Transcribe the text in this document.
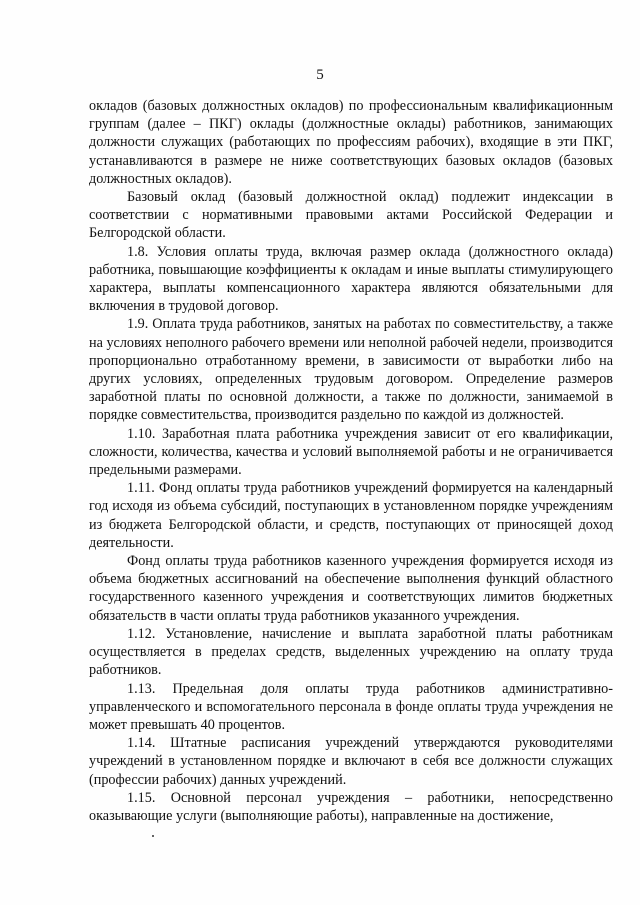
5

окладов (базовых должностных окладов) по профессиональным квалификационным группам (далее – ПКГ) оклады (должностные оклады) работников, занимающих должности служащих (работающих по профессиям рабочих), входящие в эти ПКГ, устанавливаются в размере не ниже соответствующих базовых окладов (базовых должностных окладов).

Базовый оклад (базовый должностной оклад) подлежит индексации в соответствии с нормативными правовыми актами Российской Федерации и Белгородской области.

1.8. Условия оплаты труда, включая размер оклада (должностного оклада) работника, повышающие коэффициенты к окладам и иные выплаты стимулирующего характера, выплаты компенсационного характера являются обязательными для включения в трудовой договор.

1.9. Оплата труда работников, занятых на работах по совместительству, а также на условиях неполного рабочего времени или неполной рабочей недели, производится пропорционально отработанному времени, в зависимости от выработки либо на других условиях, определенных трудовым договором. Определение размеров заработной платы по основной должности, а также по должности, занимаемой в порядке совместительства, производится раздельно по каждой из должностей.

1.10. Заработная плата работника учреждения зависит от его квалификации, сложности, количества, качества и условий выполняемой работы и не ограничивается предельными размерами.

1.11. Фонд оплаты труда работников учреждений формируется на календарный год исходя из объема субсидий, поступающих в установленном порядке учреждениям из бюджета Белгородской области, и средств, поступающих от приносящей доход деятельности.

Фонд оплаты труда работников казенного учреждения формируется исходя из объема бюджетных ассигнований на обеспечение выполнения функций областного государственного казенного учреждения и соответствующих лимитов бюджетных обязательств в части оплаты труда работников указанного учреждения.

1.12. Установление, начисление и выплата заработной платы работникам осуществляется в пределах средств, выделенных учреждению на оплату труда работников.

1.13. Предельная доля оплаты труда работников административно-управленческого и вспомогательного персонала в фонде оплаты труда учреждения не может превышать 40 процентов.

1.14. Штатные расписания учреждений утверждаются руководителями учреждений в установленном порядке и включают в себя все должности служащих (профессии рабочих) данных учреждений.

1.15. Основной персонал учреждения – работники, непосредственно оказывающие услуги (выполняющие работы), направленные на достижение,
